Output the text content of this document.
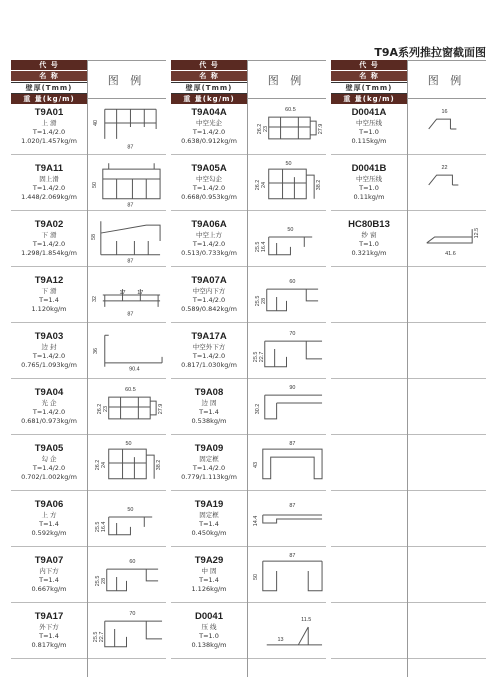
T9A系列推拉窗截面图
代 号
名 称
壁厚(Tmm)
重 量(kg/m)
图 例
T9A01
上 滑
T=1.4/2.0
1.020/1.457kg/m
40
87
T9A11
固上滑
T=1.4/2.0
1.448/2.069kg/m
50
87
T9A02
下 滑
T=1.4/2.0
1.298/1.854kg/m
58
87
T9A12
下 滑
T=1.4
1.120kg/m
32
17 17
87
T9A03
边 封
T=1.4/2.0
0.765/1.093kg/m
36
90.4
T9A04
光 企
T=1.4/2.0
0.681/0.973kg/m
60.5
26.2 23	27.9
T9A05
勾 企
T=1.4/2.0
0.702/1.002kg/m
50
26.2 24	38.2
T9A06
上 方
T=1.4
0.592kg/m
50
25.5 16.4
T9A07
内下方
T=1.4
0.667kg/m
60
25.5 28
T9A17
外下方
T=1.4
0.817kg/m
70
25.5 22.7
代 号
名 称
壁厚(Tmm)
重 量(kg/m)
图 例
T9A04A
中空光企
T=1.4/2.0
0.638/0.912kg/m
60.5
26.2 23	27.9
T9A05A
中空勾企
T=1.4/2.0
0.668/0.953kg/m
50
26.2 24	38.2
T9A06A
中空上方
T=1.4/2.0
0.513/0.733kg/m
50
25.5 16.4
T9A07A
中空内下方
T=1.4/2.0
0.589/0.842kg/m
60
25.5 28
T9A17A
中空外下方
T=1.4/2.0
0.817/1.030kg/m
70
25.5 22.7
T9A08
边 固
T=1.4
0.538kg/m
90
30.2
T9A09
固定框
T=1.4/2.0
0.779/1.113kg/m
87
43
T9A19
固定框
T=1.4
0.450kg/m
87
14.4
T9A29
中 固
T=1.4
1.126kg/m
87
50
D0041
压 线
T=1.0
0.138kg/m
11.5
13
代 号
名 称
壁厚(Tmm)
重 量(kg/m)
图 例
D0041A
中空压线
T=1.0
0.115kg/m
16
D0041B
中空压线
T=1.0
0.11kg/m
22
HC80B13
纱 窗
T=1.0
0.321kg/m
12.5
41.6
